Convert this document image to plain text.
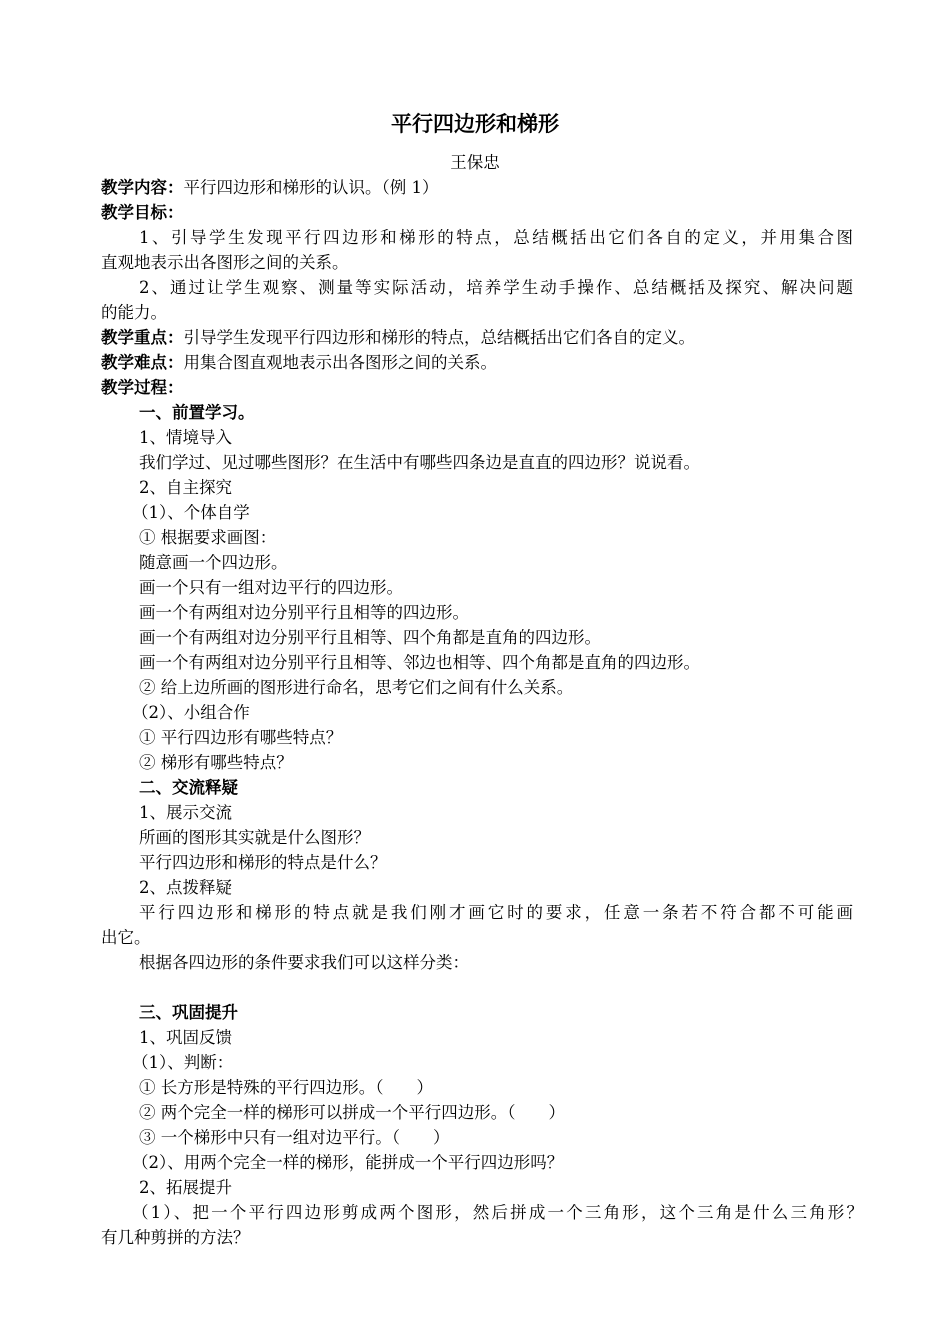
平行四边形和梯形
王保忠
教学内容：平行四边形和梯形的认识。（例 1）
教学目标：
1、引导学生发现平行四边形和梯形的特点，总结概括出它们各自的定义，并用集合图
直观地表示出各图形之间的关系。
2、通过让学生观察、测量等实际活动，培养学生动手操作、总结概括及探究、解决问题
的能力。
教学重点：引导学生发现平行四边形和梯形的特点，总结概括出它们各自的定义。
教学难点：用集合图直观地表示出各图形之间的关系。
教学过程：
一、前置学习。
1、情境导入
我们学过、见过哪些图形？在生活中有哪些四条边是直直的四边形？说说看。
2、自主探究
（1）、个体自学
① 根据要求画图：
随意画一个四边形。
画一个只有一组对边平行的四边形。
画一个有两组对边分别平行且相等的四边形。
画一个有两组对边分别平行且相等、四个角都是直角的四边形。
画一个有两组对边分别平行且相等、邻边也相等、四个角都是直角的四边形。
② 给上边所画的图形进行命名，思考它们之间有什么关系。
（2）、小组合作
① 平行四边形有哪些特点？
② 梯形有哪些特点？
二、交流释疑
1、展示交流
所画的图形其实就是什么图形？
平行四边形和梯形的特点是什么？
2、点拨释疑
平行四边形和梯形的特点就是我们刚才画它时的要求，任意一条若不符合都不可能画
出它。
根据各四边形的条件要求我们可以这样分类：
三、巩固提升
1、巩固反馈
（1）、判断：
① 长方形是特殊的平行四边形。（　　）
② 两个完全一样的梯形可以拼成一个平行四边形。（　　）
③ 一个梯形中只有一组对边平行。（　　）
（2）、用两个完全一样的梯形，能拼成一个平行四边形吗？
2、拓展提升
（1）、把一个平行四边形剪成两个图形，然后拼成一个三角形，这个三角是什么三角形？
有几种剪拼的方法？
